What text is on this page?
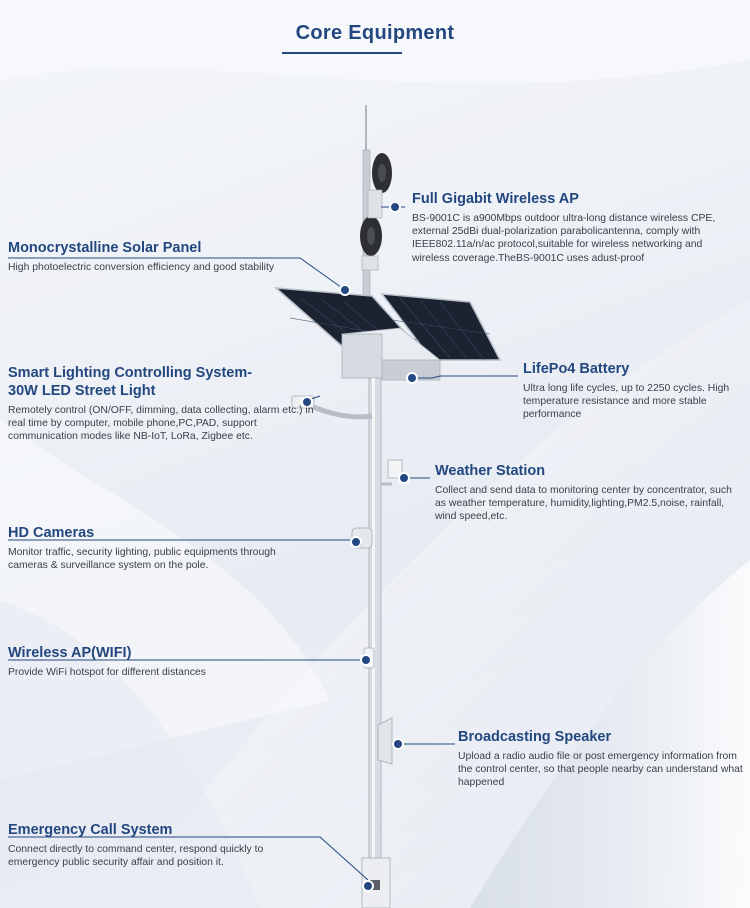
Core Equipment
Full Gigabit Wireless AP
BS-9001C is a900Mbps outdoor ultra-long distance wireless CPE, external 25dBi dual-polarization parabolicantenna, comply with IEEE802.11a/n/ac protocol,suitable for wireless networking and wireless coverage.TheBS-9001C uses adust-proof
Monocrystalline Solar Panel
High photoelectric conversion efficiency and good stability
Smart Lighting Controlling System-
30W LED Street Light
Remotely control (ON/OFF, dimming, data collecting, alarm etc.) in real time by computer, mobile phone,PC,PAD, support communication modes like NB-IoT, LoRa, Zigbee etc.
LifePo4 Battery
Ultra long life cycles, up to 2250 cycles. High temperature resistance and more stable performance
Weather Station
Collect and send data to monitoring center by concentrator, such as weather temperature, humidity,lighting,PM2.5,noise, rainfall, wind speed,etc.
HD Cameras
Monitor traffic, security lighting, public equipments through cameras & surveillance system on the pole.
Wireless AP(WIFI)
Provide WiFi hotspot for different distances
Broadcasting Speaker
Upload a radio audio file or post emergency information from the control center, so that people nearby can understand what happened
Emergency Call System
Connect directly to command center, respond quickly to emergency public security affair and position it.
